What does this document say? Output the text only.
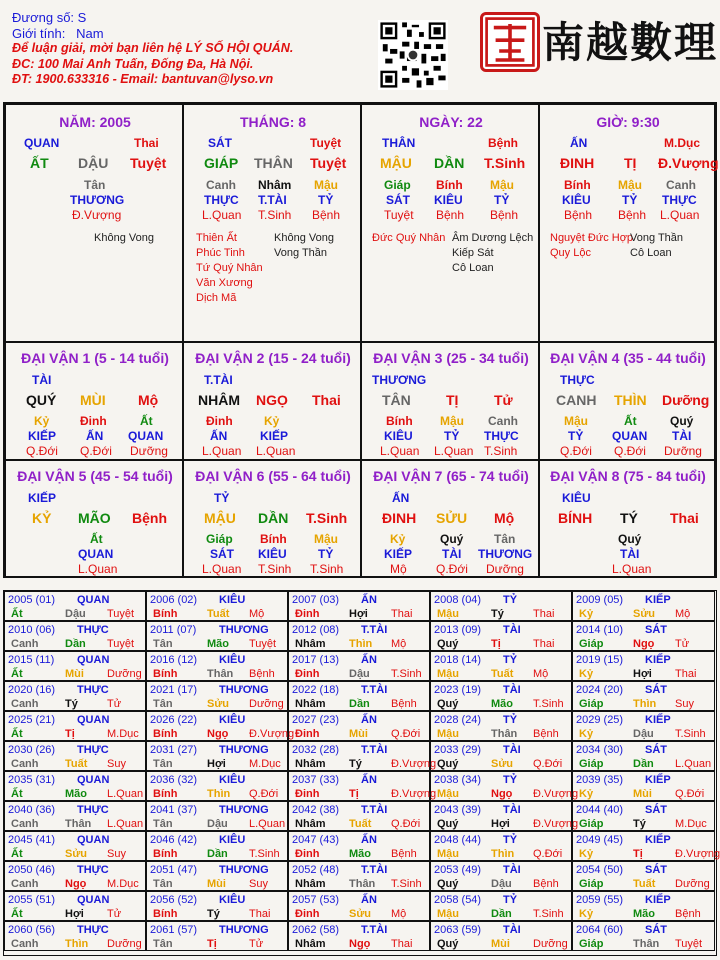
Đương số: S
Giới tính: Nam
Để luận giải, mời bạn liên hệ LÝ SỐ HỘI QUÁN.
ĐC: 100 Mai Anh Tuấn, Đống Đa, Hà Nội.
ĐT: 1900.633316 - Email: bantuvan@lyso.vn
南越數理
NĂM: 2005
QUAN	Thai
ẤT DẬU Tuyệt
Tân
THƯƠNG
Đ.Vượng
Không Vong
THÁNG: 8
SÁT	Tuyệt
GIÁP THÂN Tuyệt
Canh Nhâm Mậu
THỰC T.TÀI	TỶ
L.Quan T.Sinh Bệnh
Thiên Ất	Không Vong
Phúc Tinh	Vong Thần
Tứ Quý Nhân
Văn Xương
Dịch Mã
NGÀY: 22
THÂN	Bệnh
MẬU DẦN T.Sinh
Giáp Bính Mậu
SÁT KIÊU	TỶ
Tuyệt Bệnh Bệnh
Đức Quý Nhân Âm Dương Lệch
Kiếp Sát
Cô Loan
GIỜ: 9:30
ẤN	M.Dục
ĐINH TỊ Đ.Vượng
Bính Mậu Canh
KIÊU	TỶ THỰC
Bệnh Bệnh L.Quan
Nguyệt Đức Hợp
Vong Thần
Quy Lộc	Cô Loan
ĐẠI VẬN 1 (5 - 14 tuổi)
TÀI
QUÝ MÙI Mộ
Kỷ	Đinh	Ất
KIẾP ẤN QUAN
Q.Đới Q.Đới Dưỡng
ĐẠI VẬN 2 (15 - 24 tuổi)
T.TÀI
NHÂM NGỌ Thai
Đinh	Kỷ
ẤN	KIẾP
L.Quan L.Quan
ĐẠI VẬN 3 (25 - 34 tuổi)
THƯƠNG
TÂN	TỊ	Tử
Bính Mậu Canh
KIÊU	TỶ THỰC
L.Quan L.Quan T.Sinh
ĐẠI VẬN 4 (35 - 44 tuổi)
THỰC
CANH THÌN Dưỡng
Mậu	Ất	Quý
TỶ QUAN TÀI
Q.Đới Q.Đới Dưỡng
ĐẠI VẬN 5 (45 - 54 tuổi)
KIẾP
KỶ MÃO Bệnh
Ất
QUAN
L.Quan
ĐẠI VẬN 6 (55 - 64 tuổi)
TỶ
MẬU DẦN T.Sinh
Giáp Bính Mậu
SÁT KIÊU	TỶ
L.Quan T.Sinh T.Sinh
ĐẠI VẬN 7 (65 - 74 tuổi)
ẤN
ĐINH SỬU Mộ
Kỷ	Quý	Tân
KIẾP TÀI THƯƠNG
Mộ Q.Đới Dưỡng
ĐẠI VẬN 8 (75 - 84 tuổi)
KIÊU
BÍNH TÝ Thai
Quý
TÀI
L.Quan
2005 (01) QUAN
Ất	Dậu Tuyệt
2006 (02) KIÊU
Bính	Tuất Mộ
2007 (03) ẤN
Đinh	Hợi Thai
2008 (04) TỶ
Mậu	Tý	Thai
2009 (05) KIẾP
Kỷ	Sửu Mộ
2010 (06) THỰC
Canh Dần Tuyệt
2011 (07) THƯƠNG
Tân	Mão Tuyệt
2012 (08) T.TÀI
Nhâm Thìn Mộ
2013 (09) TÀI
Quý	Tị	Thai
2014 (10) SÁT
Giáp	Ngọ Tử
2015 (11) QUAN
Ất	Mùi Dưỡng
2016 (12) KIÊU
Bính	Thân Bệnh
2017 (13) ẤN
Đinh	Dậu T.Sinh
2018 (14) TỶ
Mậu	Tuất Mộ
2019 (15) KIẾP
Kỷ	Hợi Thai
2020 (16) THỰC
Canh Tý	Tử
2021 (17) THƯƠNG
Tân	Sửu Dưỡng
2022 (18) T.TÀI
Nhâm Dần Bệnh
2023 (19) TÀI
Quý	Mão T.Sinh
2024 (20) SÁT
Giáp	Thìn Suy
2025 (21) QUAN
Ất	Tị	M.Dục
2026 (22) KIÊU
Bính	Ngọ Đ.Vượng
2027 (23) ẤN
Đinh	Mùi Q.Đới
2028 (24) TỶ
Mậu	Thân Bệnh
2029 (25) KIẾP
Kỷ	Dậu T.Sinh
2030 (26) THỰC
Canh Tuất Suy
2031 (27) THƯƠNG
Tân	Hợi M.Dục
2032 (28) T.TÀI
Nhâm Tý	Đ.Vượng
2033 (29) TÀI
Quý	Sửu Q.Đới
2034 (30) SÁT
Giáp	Dần L.Quan
2035 (31) QUAN
Ất	Mão L.Quan
2036 (32) KIÊU
Bính	Thìn Q.Đới
2037 (33) ẤN
Đinh	Tị	Đ.Vượng
2038 (34) TỶ
Mậu	Ngọ Đ.Vượng
2039 (35) KIẾP
Kỷ	Mùi Q.Đới
2040 (36) THỰC
Canh Thân L.Quan
2041 (37) THƯƠNG
Tân	Dậu L.Quan
2042 (38) T.TÀI
Nhâm Tuất Q.Đới
2043 (39) TÀI
Quý	Hợi Đ.Vượng
2044 (40) SÁT
Giáp	Tý	M.Dục
2045 (41) QUAN
Ất	Sửu Suy
2046 (42) KIÊU
Bính	Dần T.Sinh
2047 (43) ẤN
Đinh	Mão Bệnh
2048 (44) TỶ
Mậu	Thìn Q.Đới
2049 (45) KIẾP
Kỷ	Tị	Đ.Vượng
2050 (46) THỰC
Canh Ngọ M.Dục
2051 (47) THƯƠNG
Tân	Mùi Suy
2052 (48) T.TÀI
Nhâm Thân T.Sinh
2053 (49) TÀI
Quý	Dậu Bệnh
2054 (50) SÁT
Giáp	Tuất Dưỡng
2055 (51) QUAN
Ất	Hợi Tử
2056 (52) KIÊU
Bính	Tý	Thai
2057 (53) ẤN
Đinh	Sửu Mộ
2058 (54) TỶ
Mậu	Dần T.Sinh
2059 (55) KIẾP
Kỷ	Mão Bệnh
2060 (56) THỰC
Canh Thìn Dưỡng
2061 (57) THƯƠNG
Tân	Tị	Tử
2062 (58) T.TÀI
Nhâm Ngọ Thai
2063 (59) TÀI
Quý	Mùi Dưỡng
2064 (60) SÁT
Giáp	Thân Tuyệt
